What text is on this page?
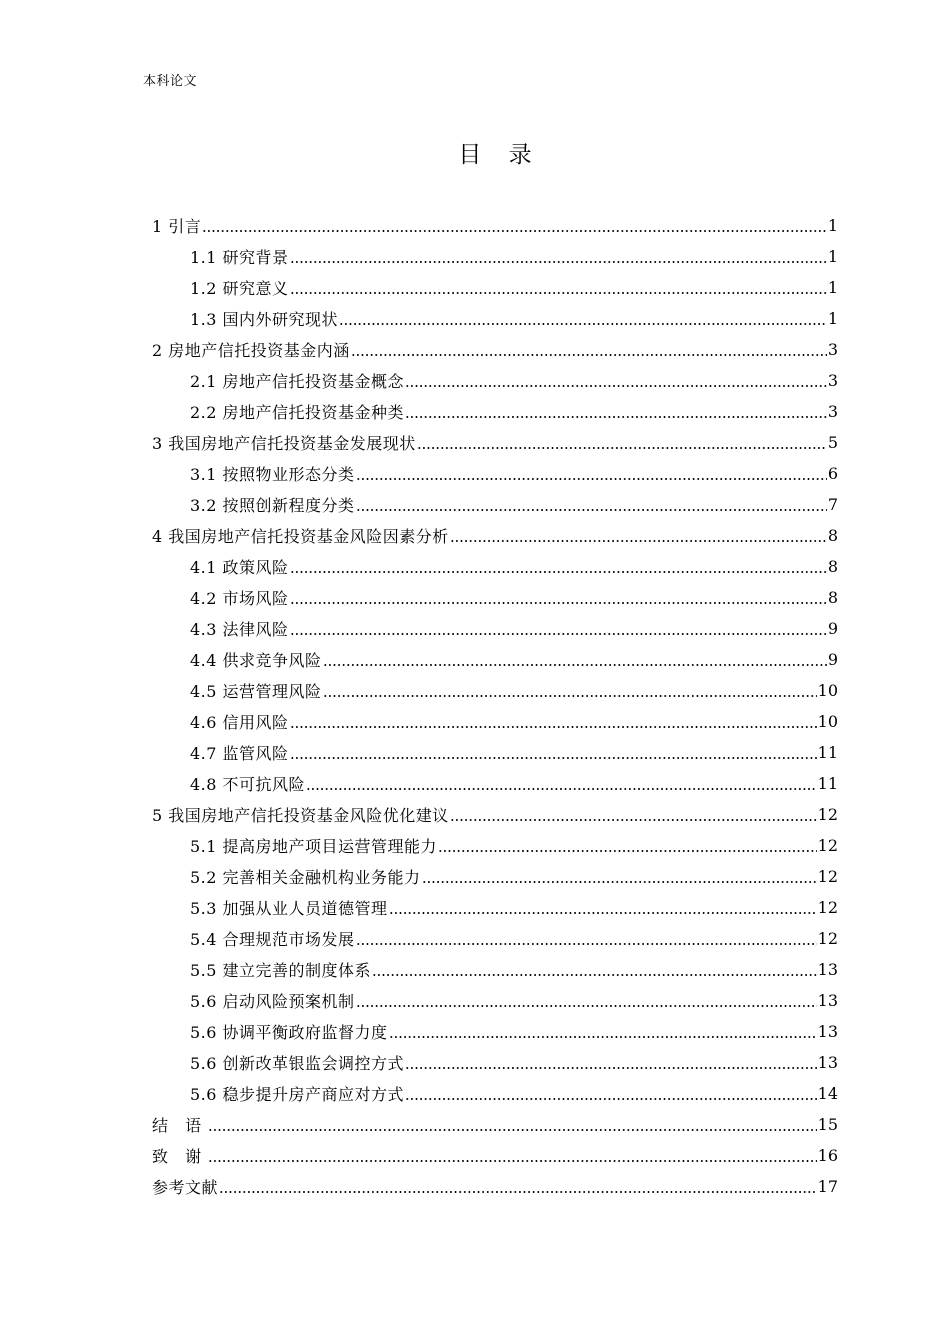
本科论文
目 录
1 引言	1
1.1 研究背景	1
1.2 研究意义	1
1.3 国内外研究现状	1
2 房地产信托投资基金内涵	3
2.1 房地产信托投资基金概念	3
2.2 房地产信托投资基金种类	3
3 我国房地产信托投资基金发展现状	5
3.1 按照物业形态分类	6
3.2 按照创新程度分类	7
4 我国房地产信托投资基金风险因素分析	8
4.1 政策风险	8
4.2 市场风险	8
4.3 法律风险	9
4.4 供求竞争风险	9
4.5 运营管理风险	10
4.6 信用风险	10
4.7 监管风险	11
4.8 不可抗风险	11
5 我国房地产信托投资基金风险优化建议	12
5.1 提高房地产项目运营管理能力	12
5.2 完善相关金融机构业务能力	12
5.3 加强从业人员道德管理	12
5.4 合理规范市场发展	12
5.5 建立完善的制度体系	13
5.6 启动风险预案机制	13
5.6 协调平衡政府监督力度	13
5.6 创新改革银监会调控方式	13
5.6 稳步提升房产商应对方式	14
结 语	15
致 谢	16
参考文献	17
